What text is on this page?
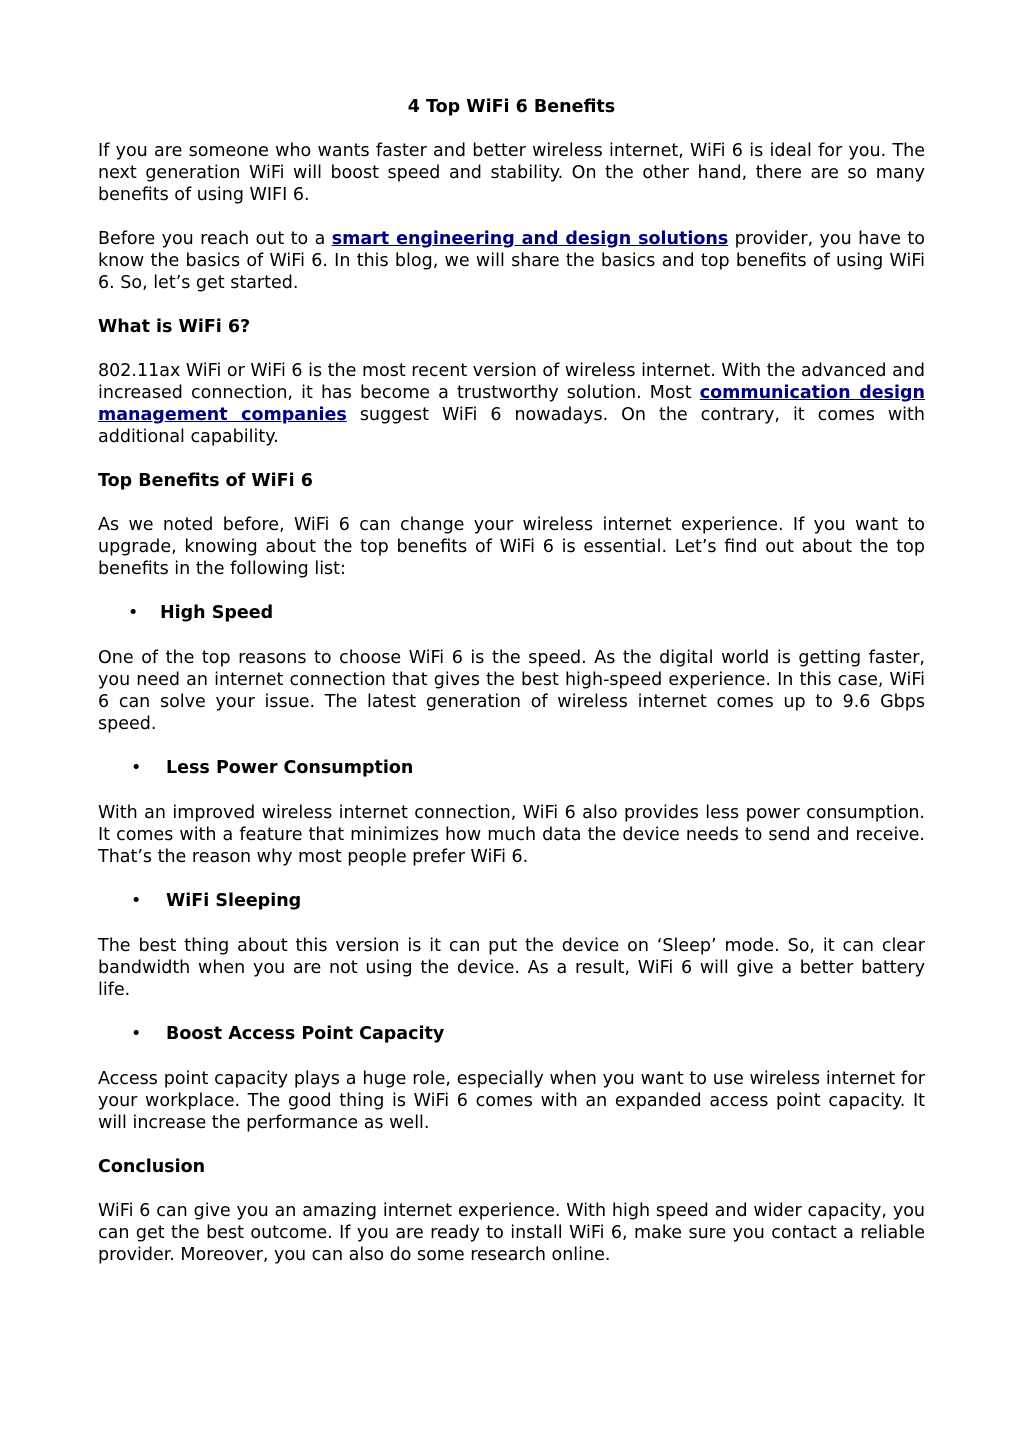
4 Top WiFi 6 Benefits

If you are someone who wants faster and better wireless internet, WiFi 6 is ideal for you. The next generation WiFi will boost speed and stability. On the other hand, there are so many benefits of using WIFI 6.

Before you reach out to a smart engineering and design solutions provider, you have to know the basics of WiFi 6. In this blog, we will share the basics and top benefits of using WiFi 6. So, let’s get started.

What is WiFi 6?

802.11ax WiFi or WiFi 6 is the most recent version of wireless internet. With the advanced and increased connection, it has become a trustworthy solution. Most communication design management companies suggest WiFi 6 nowadays. On the contrary, it comes with additional capability.

Top Benefits of WiFi 6

As we noted before, WiFi 6 can change your wireless internet experience. If you want to upgrade, knowing about the top benefits of WiFi 6 is essential. Let’s find out about the top benefits in the following list:

• High Speed

One of the top reasons to choose WiFi 6 is the speed. As the digital world is getting faster, you need an internet connection that gives the best high-speed experience. In this case, WiFi 6 can solve your issue. The latest generation of wireless internet comes up to 9.6 Gbps speed.

• Less Power Consumption

With an improved wireless internet connection, WiFi 6 also provides less power consumption. It comes with a feature that minimizes how much data the device needs to send and receive. That’s the reason why most people prefer WiFi 6.

• WiFi Sleeping

The best thing about this version is it can put the device on ‘Sleep’ mode. So, it can clear bandwidth when you are not using the device. As a result, WiFi 6 will give a better battery life.

• Boost Access Point Capacity

Access point capacity plays a huge role, especially when you want to use wireless internet for your workplace. The good thing is WiFi 6 comes with an expanded access point capacity. It will increase the performance as well.

Conclusion

WiFi 6 can give you an amazing internet experience. With high speed and wider capacity, you can get the best outcome. If you are ready to install WiFi 6, make sure you contact a reliable provider. Moreover, you can also do some research online.
